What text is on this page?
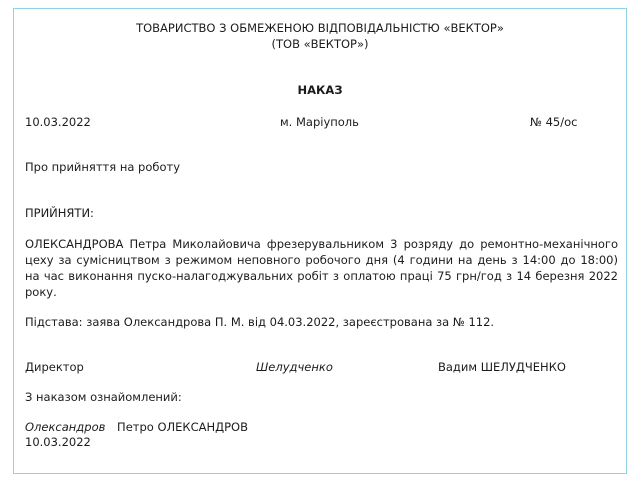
ТОВАРИСТВО З ОБМЕЖЕНОЮ ВІДПОВІДАЛЬНІСТЮ «ВЕКТОР»
(ТОВ «ВЕКТОР»)
НАКАЗ
10.03.2022	м. Маріуполь	№ 45/ос
Про прийняття на роботу
ПРИЙНЯТИ:
ОЛЕКСАНДРОВА Петра Миколайовича фрезерувальником 3 розряду до ремонтно-механічного цеху за сумісництвом з режимом неповного робочого дня (4 години на день з 14:00 до 18:00) на час виконання пуско-налагоджувальних робіт з оплатою праці 75 грн/год з 14 березня 2022 року.
Підстава: заява Олександрова П. М. від 04.03.2022, зареєстрована за № 112.
Директор	Шелудченко	Вадим ШЕЛУДЧЕНКО
З наказом ознайомлений:
Олександров Петро ОЛЕКСАНДРОВ
10.03.2022
